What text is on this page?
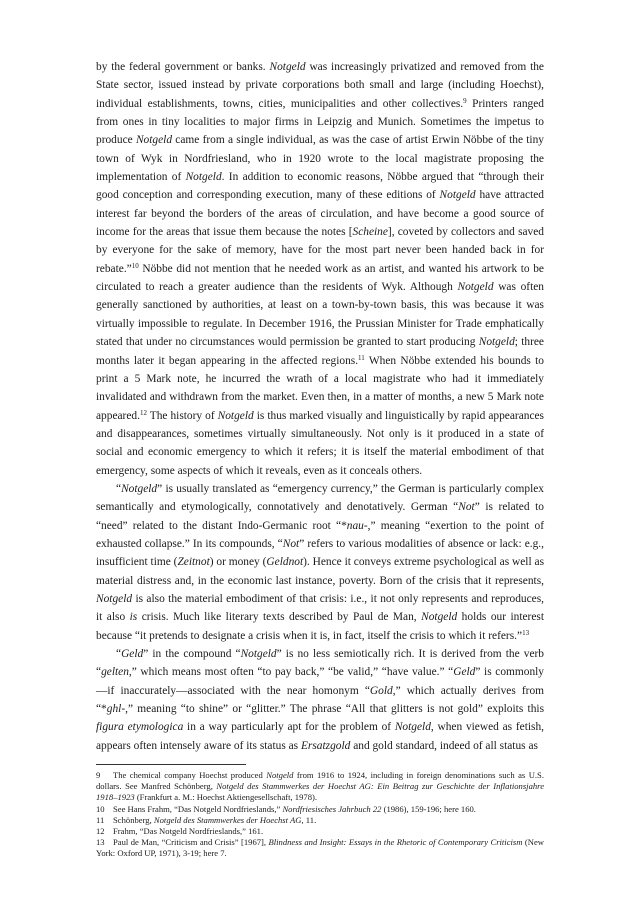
by the federal government or banks. Notgeld was increasingly privatized and removed from the State sector, issued instead by private corporations both small and large (including Hoechst), individual establishments, towns, cities, municipalities and other collectives.$^9$ Printers ranged from ones in tiny localities to major firms in Leipzig and Munich. Sometimes the impetus to produce Notgeld came from a single individual, as was the case of artist Erwin Nöbbe of the tiny town of Wyk in Nordfriesland, who in 1920 wrote to the local magistrate proposing the implementation of Notgeld. In addition to economic reasons, Nöbbe argued that “through their good conception and corresponding execution, many of these editions of Notgeld have attracted interest far beyond the borders of the areas of circulation, and have become a good source of income for the areas that issue them because the notes [Scheine], coveted by collectors and saved by everyone for the sake of memory, have for the most part never been handed back in for rebate.”$^{10}$ Nöbbe did not mention that he needed work as an artist, and wanted his artwork to be circulated to reach a greater audience than the residents of Wyk. Although Notgeld was often generally sanctioned by authorities, at least on a town-by-town basis, this was because it was virtually impossible to regulate. In December 1916, the Prussian Minister for Trade emphatically stated that under no circumstances would permission be granted to start producing Notgeld; three months later it began appearing in the affected regions.$^{11}$ When Nöbbe extended his bounds to print a 5 Mark note, he incurred the wrath of a local magistrate who had it immediately invalidated and withdrawn from the market. Even then, in a matter of months, a new 5 Mark note appeared.$^{12}$ The history of Notgeld is thus marked visually and linguistically by rapid appearances and disappearances, sometimes virtually simultaneously. Not only is it produced in a state of social and economic emergency to which it refers; it is itself the material embodiment of that emergency, some aspects of which it reveals, even as it conceals others.

“Notgeld” is usually translated as “emergency currency,” the German is particularly complex semantically and etymologically, connotatively and denotatively. German “Not” is related to “need” related to the distant Indo-Germanic root “*nau-,” meaning “exertion to the point of exhausted collapse.” In its compounds, “Not” refers to various modalities of absence or lack: e.g., insufficient time (Zeitnot) or money (Geldnot). Hence it conveys extreme psychological as well as material distress and, in the economic last instance, poverty. Born of the crisis that it represents, Notgeld is also the material embodiment of that crisis: i.e., it not only represents and reproduces, it also is crisis. Much like literary texts described by Paul de Man, Notgeld holds our interest because “it pretends to designate a crisis when it is, in fact, itself the crisis to which it refers.”$^{13}$

“Geld” in the compound “Notgeld” is no less semiotically rich. It is derived from the verb “gelten,” which means most often “to pay back,” “be valid,” “have value.” “Geld” is commonly—if inaccurately—associated with the near homonym “Gold,” which actually derives from “*ghl-,” meaning “to shine” or “glitter.” The phrase “All that glitters is not gold” exploits this figura etymologica in a way particularly apt for the problem of Notgeld, when viewed as fetish, appears often intensely aware of its status as Ersatzgold and gold standard, indeed of all status as

9 The chemical company Hoechst produced Notgeld from 1916 to 1924, including in foreign denominations such as U.S. dollars. See Manfred Schönberg, Notgeld des Stammwerkes der Hoechst AG: Ein Beitrag zur Geschichte der Inflationsjahre 1918–1923 (Frankfurt a. M.: Hoechst Aktiengesellschaft, 1978).
10 See Hans Frahm, “Das Notgeld Nordfrieslands,” Nordfriesisches Jahrbuch 22 (1986), 159-196; here 160.
11 Schönberg, Notgeld des Stammwerkes der Hoechst AG, 11.
12 Frahm, “Das Notgeld Nordfrieslands,” 161.
13 Paul de Man, “Criticism and Crisis” [1967], Blindness and Insight: Essays in the Rhetoric of Contemporary Criticism (New York: Oxford UP, 1971), 3-19; here 7.
